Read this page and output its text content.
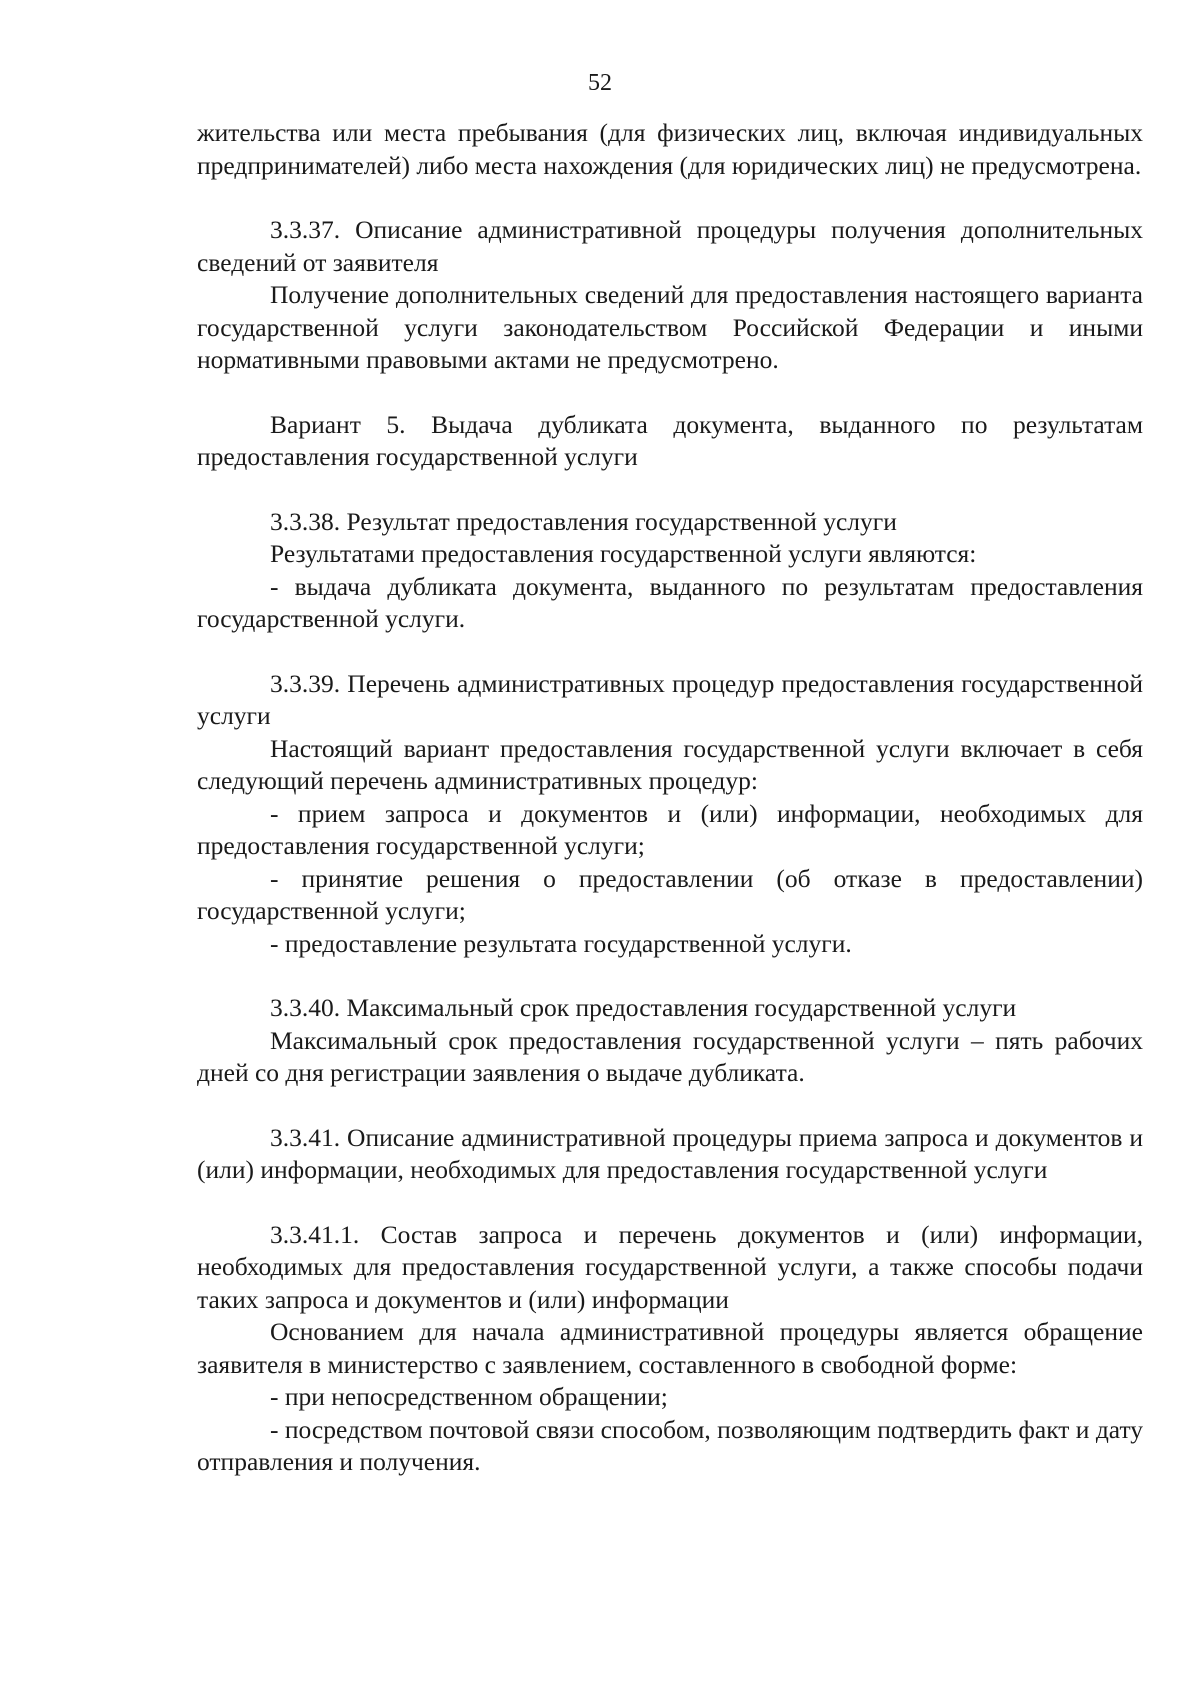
52

жительства или места пребывания (для физических лиц, включая индивидуальных предпринимателей) либо места нахождения (для юридических лиц) не предусмотрена.

3.3.37. Описание административной процедуры получения дополнительных сведений от заявителя

Получение дополнительных сведений для предоставления настоящего варианта государственной услуги законодательством Российской Федерации и иными нормативными правовыми актами не предусмотрено.

Вариант 5. Выдача дубликата документа, выданного по результатам предоставления государственной услуги

3.3.38. Результат предоставления государственной услуги

Результатами предоставления государственной услуги являются:

- выдача дубликата документа, выданного по результатам предоставления государственной услуги.

3.3.39. Перечень административных процедур предоставления государственной услуги

Настоящий вариант предоставления государственной услуги включает в себя следующий перечень административных процедур:

- прием запроса и документов и (или) информации, необходимых для предоставления государственной услуги;

- принятие решения о предоставлении (об отказе в предоставлении) государственной услуги;

- предоставление результата государственной услуги.

3.3.40. Максимальный срок предоставления государственной услуги

Максимальный срок предоставления государственной услуги – пять рабочих дней со дня регистрации заявления о выдаче дубликата.

3.3.41. Описание административной процедуры приема запроса и документов и (или) информации, необходимых для предоставления государственной услуги

3.3.41.1. Состав запроса и перечень документов и (или) информации, необходимых для предоставления государственной услуги, а также способы подачи таких запроса и документов и (или) информации

Основанием для начала административной процедуры является обращение заявителя в министерство с заявлением, составленного в свободной форме:

- при непосредственном обращении;

- посредством почтовой связи способом, позволяющим подтвердить факт и дату отправления и получения.
